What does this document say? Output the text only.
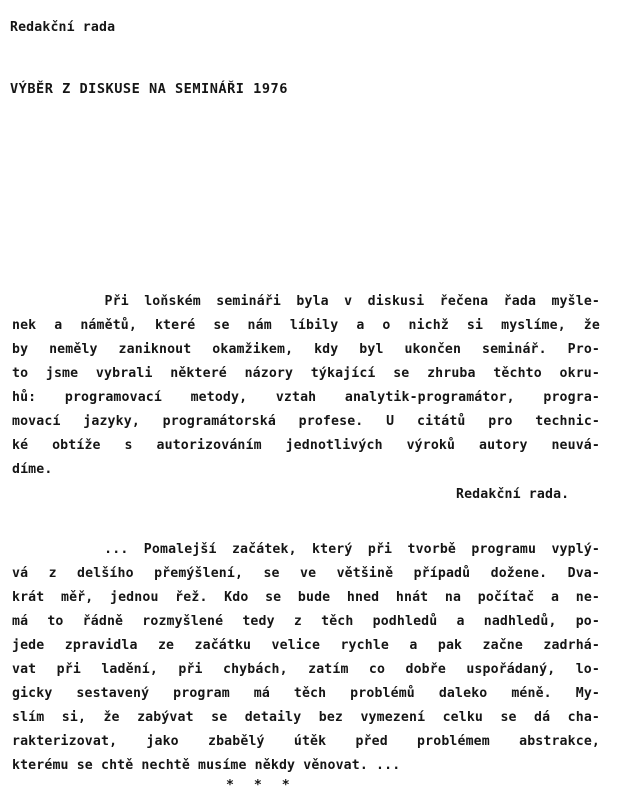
Redakční rada
VÝBĚR Z DISKUSE NA SEMINÁŘI 1976
Při loňském semináři byla v diskusi řečena řada myšle-
nek a námětů, které se nám líbily a o nichž si myslíme, že
by neměly zaniknout okamžikem, kdy byl ukončen seminář. Pro-
to jsme vybrali některé názory týkající se zhruba těchto okru-
hů: programovací metody, vztah analytik-programátor, progra-
movací jazyky, programátorská profese. U citátů pro technic-
ké obtíže s autorizováním jednotlivých výroků autory neuvá-
díme.
Redakční rada.
... Pomalejší začátek, který při tvorbě programu vyplý-
vá z delšího přemýšlení, se ve většině případů dožene. Dva-
krát měř, jednou řež. Kdo se bude hned hnát na počítač a ne-
má to řádně rozmyšlené tedy z těch podhledů a nadhledů, po-
jede zpravidla ze začátku velice rychle a pak začne zadrhá-
vat při ladění, při chybách, zatím co dobře uspořádaný, lo-
gicky sestavený program má těch problémů daleko méně. My-
slím si, že zabývat se detaily bez vymezení celku se dá cha-
rakterizovat, jako zbabělý útěk před problémem abstrakce,
kterému se chtě nechtě musíme někdy věnovat. ...
* * *
